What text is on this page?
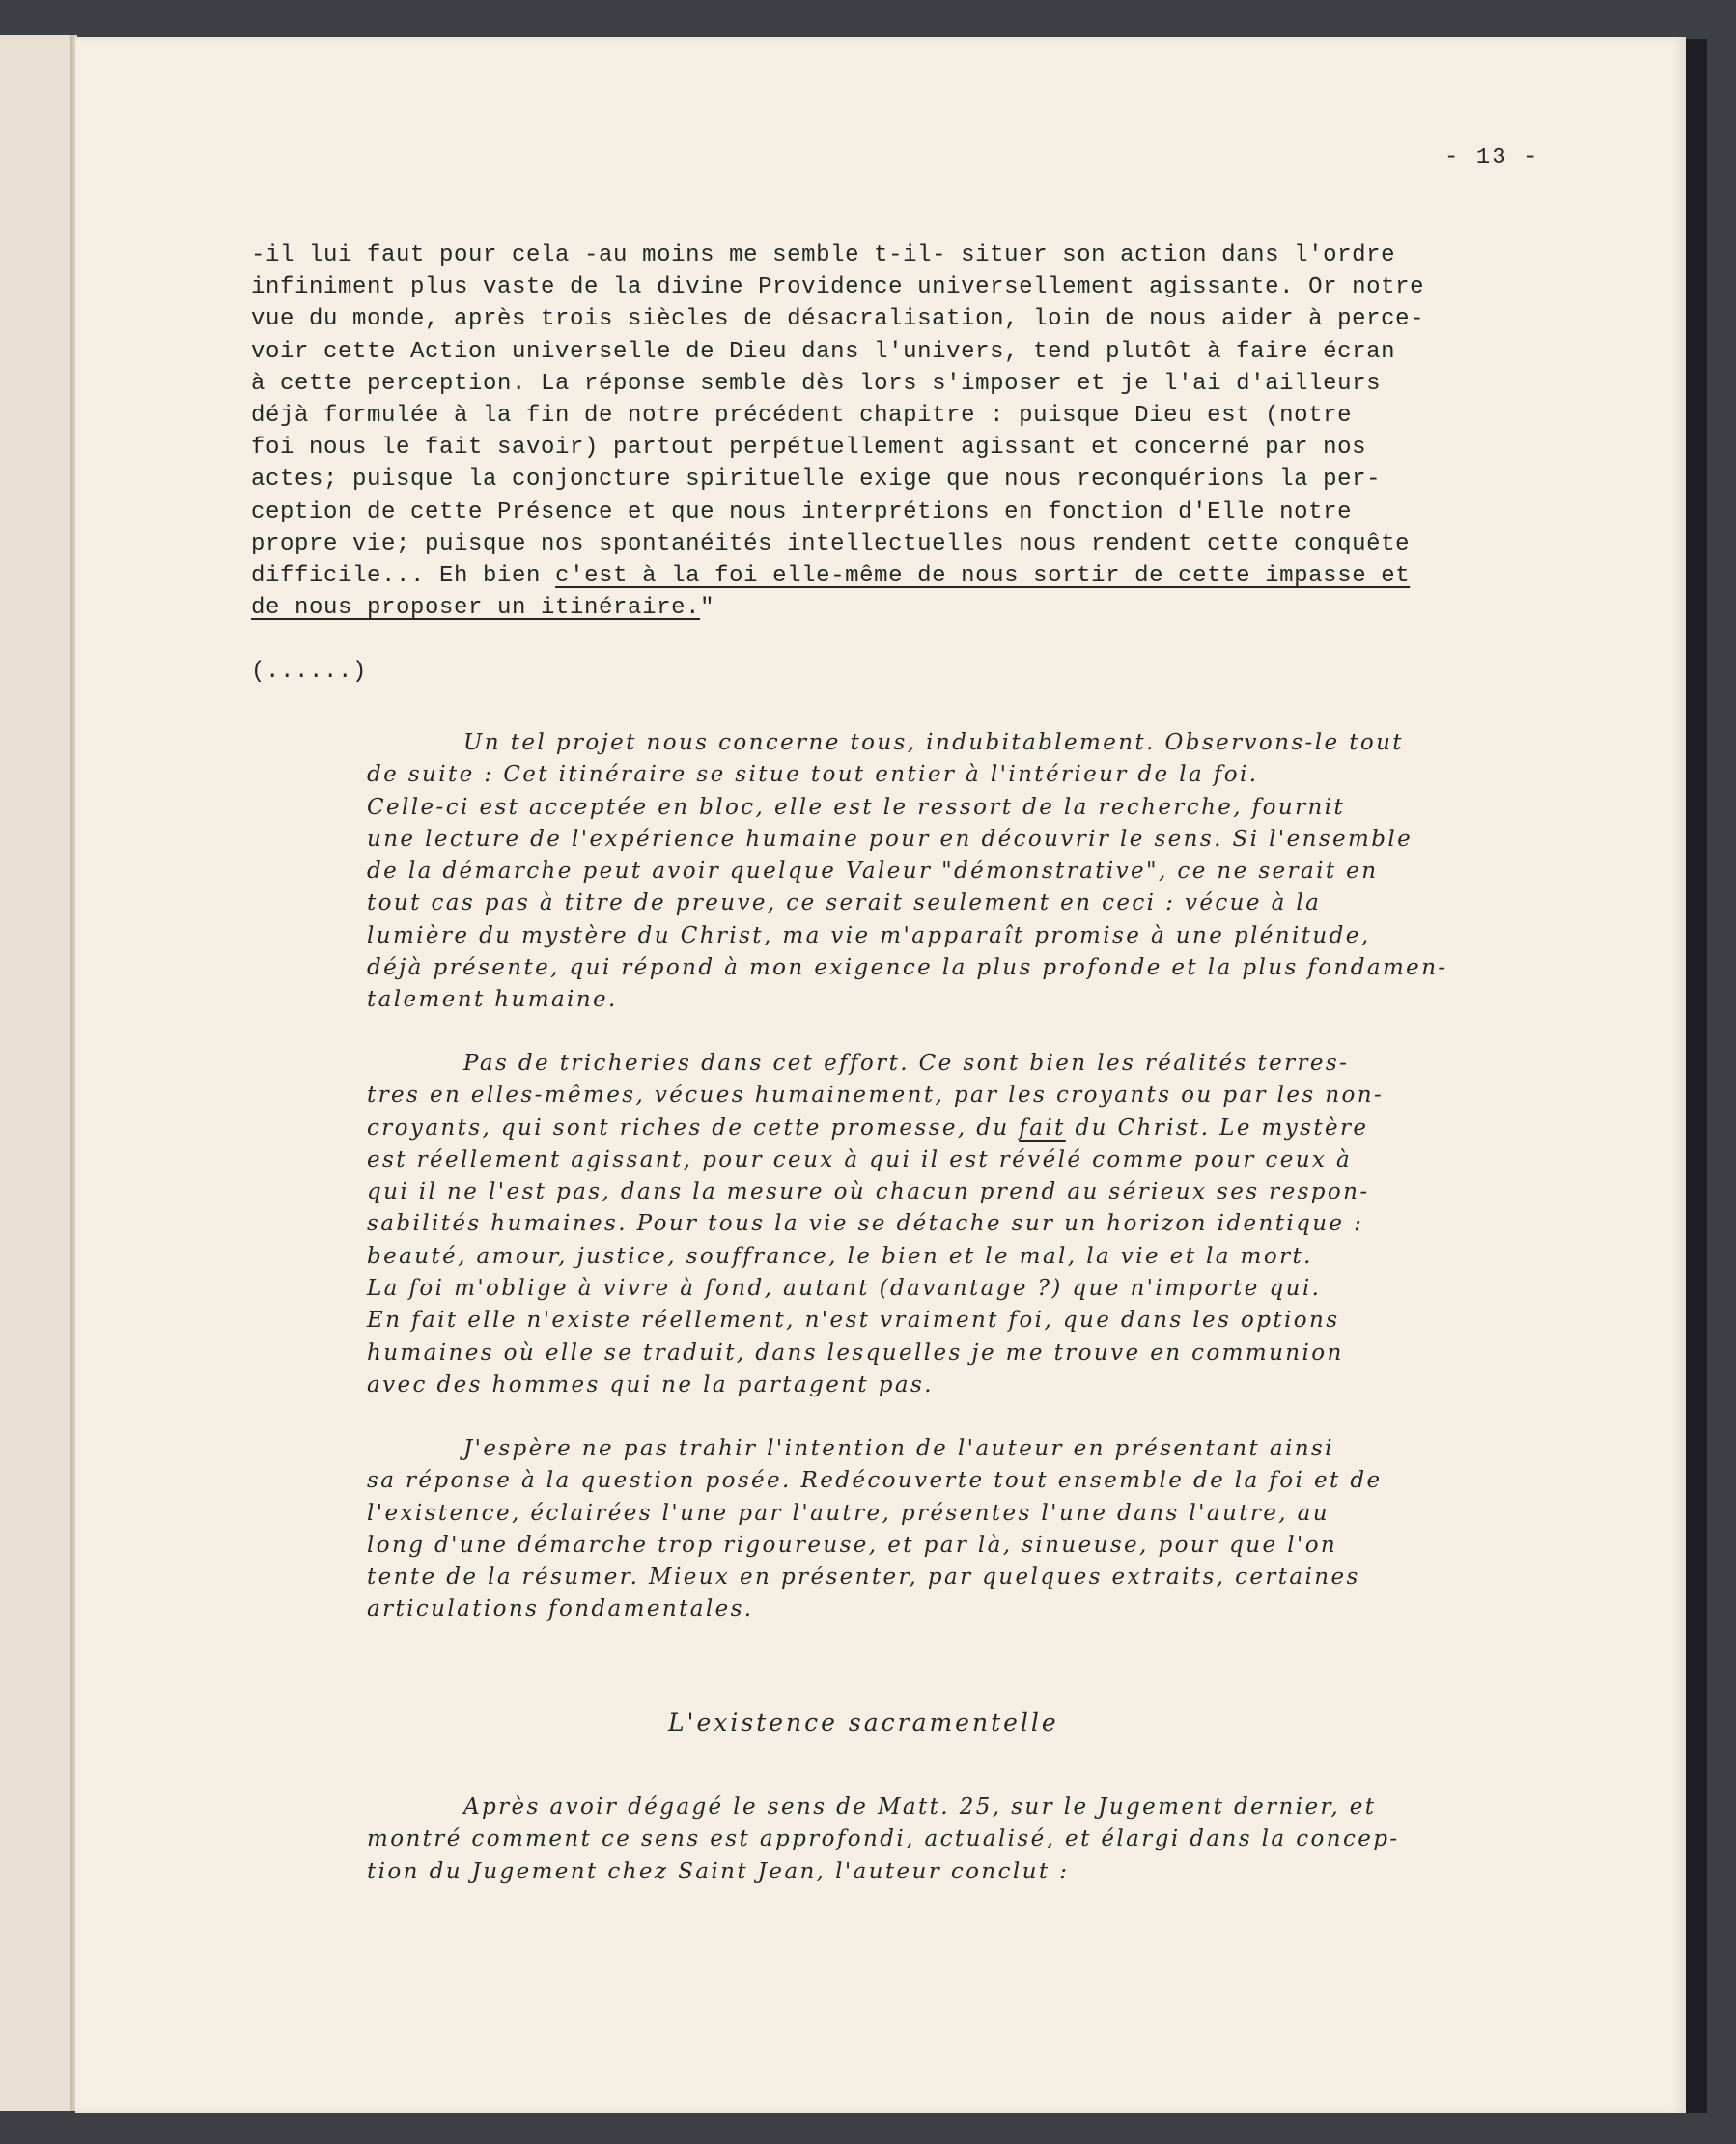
- 13 -
-il lui faut pour cela -au moins me semble t-il- situer son action dans l'ordre
infiniment plus vaste de la divine Providence universellement agissante. Or notre
vue du monde, après trois siècles de désacralisation, loin de nous aider à perce-
voir cette Action universelle de Dieu dans l'univers, tend plutôt à faire écran
à cette perception. La réponse semble dès lors s'imposer et je l'ai d'ailleurs
déjà formulée à la fin de notre précédent chapitre : puisque Dieu est (notre
foi nous le fait savoir) partout perpétuellement agissant et concerné par nos
actes; puisque la conjoncture spirituelle exige que nous reconquérions la per-
ception de cette Présence et que nous interprétions en fonction d'Elle notre
propre vie; puisque nos spontanéités intellectuelles nous rendent cette conquête
difficile... Eh bien c'est à la foi elle-même de nous sortir de cette impasse et
de nous proposer un itinéraire."
(......)
Un tel projet nous concerne tous, indubitablement. Observons-le tout
de suite : Cet itinéraire se situe tout entier à l'intérieur de la foi.
Celle-ci est acceptée en bloc, elle est le ressort de la recherche, fournit
une lecture de l'expérience humaine pour en découvrir le sens. Si l'ensemble
de la démarche peut avoir quelque Valeur "démonstrative", ce ne serait en
tout cas pas à titre de preuve, ce serait seulement en ceci : vécue à la
lumière du mystère du Christ, ma vie m'apparaît promise à une plénitude,
déjà présente, qui répond à mon exigence la plus profonde et la plus fondamen-
talement humaine.
Pas de tricheries dans cet effort. Ce sont bien les réalités terres-
tres en elles-mêmes, vécues humainement, par les croyants ou par les non-
croyants, qui sont riches de cette promesse, du fait du Christ. Le mystère
est réellement agissant, pour ceux à qui il est révélé comme pour ceux à
qui il ne l'est pas, dans la mesure où chacun prend au sérieux ses respon-
sabilités humaines. Pour tous la vie se détache sur un horizon identique :
beauté, amour, justice, souffrance, le bien et le mal, la vie et la mort.
La foi m'oblige à vivre à fond, autant (davantage ?) que n'importe qui.
En fait elle n'existe réellement, n'est vraiment foi, que dans les options
humaines où elle se traduit, dans lesquelles je me trouve en communion
avec des hommes qui ne la partagent pas.
J'espère ne pas trahir l'intention de l'auteur en présentant ainsi
sa réponse à la question posée. Redécouverte tout ensemble de la foi et de
l'existence, éclairées l'une par l'autre, présentes l'une dans l'autre, au
long d'une démarche trop rigoureuse, et par là, sinueuse, pour que l'on
tente de la résumer. Mieux en présenter, par quelques extraits, certaines
articulations fondamentales.
L'existence sacramentelle
Après avoir dégagé le sens de Matt. 25, sur le Jugement dernier, et
montré comment ce sens est approfondi, actualisé, et élargi dans la concep-
tion du Jugement chez Saint Jean, l'auteur conclut :
